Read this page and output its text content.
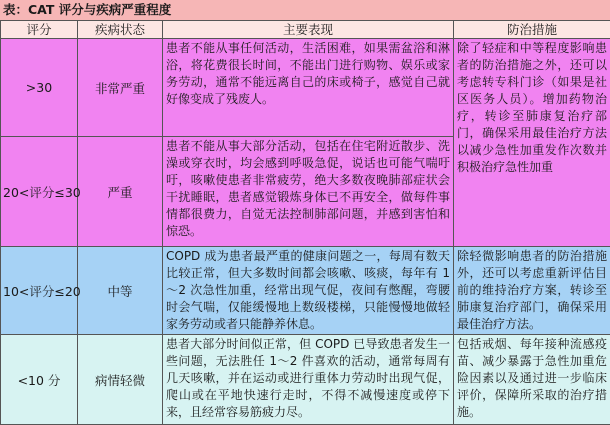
表：CAT 评分与疾病严重程度
评分	疾病状态	主要表现	防治措施
>30	非常严重	患者不能从事任何活动，生活困难，如果需盆浴和淋浴，将花费很长时间，不能出门进行购物、娱乐或家务劳动，通常不能远离自己的床或椅子，感觉自己就好像变成了残废人。	除了轻症和中等程度影响患者的防治措施之外，还可以考虑转专科门诊（如果是社区医务人员）。增加药物治疗，转诊至肺康复治疗部门，确保采用最佳治疗方法以减少急性加重发作次数并积极治疗急性加重
20<评分≤30	严重	患者不能从事大部分活动，包括在住宅附近散步、洗澡或穿衣时，均会感到呼吸急促，说话也可能气喘吁吁，咳嗽使患者非常疲劳，绝大多数夜晚肺部症状会干扰睡眠，患者感觉锻炼身体已不再安全，做每件事情都很费力，自觉无法控制肺部问题，并感到害怕和惊恐。	
10<评分≤20	中等	COPD 成为患者最严重的健康问题之一，每周有数天比较正常，但大多数时间都会咳嗽、咳痰，每年有 1～2 次急性加重，经常出现气促，夜间有憋醒，弯腰时会气喘，仅能缓慢地上数级楼梯，只能慢慢地做轻家务劳动或者只能静养休息。	除轻微影响患者的防治措施外，还可以考虑重新评估目前的维持治疗方案，转诊至肺康复治疗部门，确保采用最佳治疗方法。
<10 分	病情轻微	患者大部分时间似正常，但 COPD 已导致患者发生一些问题，无法胜任 1～2 件喜欢的活动，通常每周有几天咳嗽，并在运动或进行重体力劳动时出现气促，爬山或在平地快速行走时，不得不减慢速度或停下来，且经常容易筋疲力尽。	包括戒烟、每年接种流感疫苗、减少暴露于急性加重危险因素以及通过进一步临床评价，保障所采取的治疗措施。
